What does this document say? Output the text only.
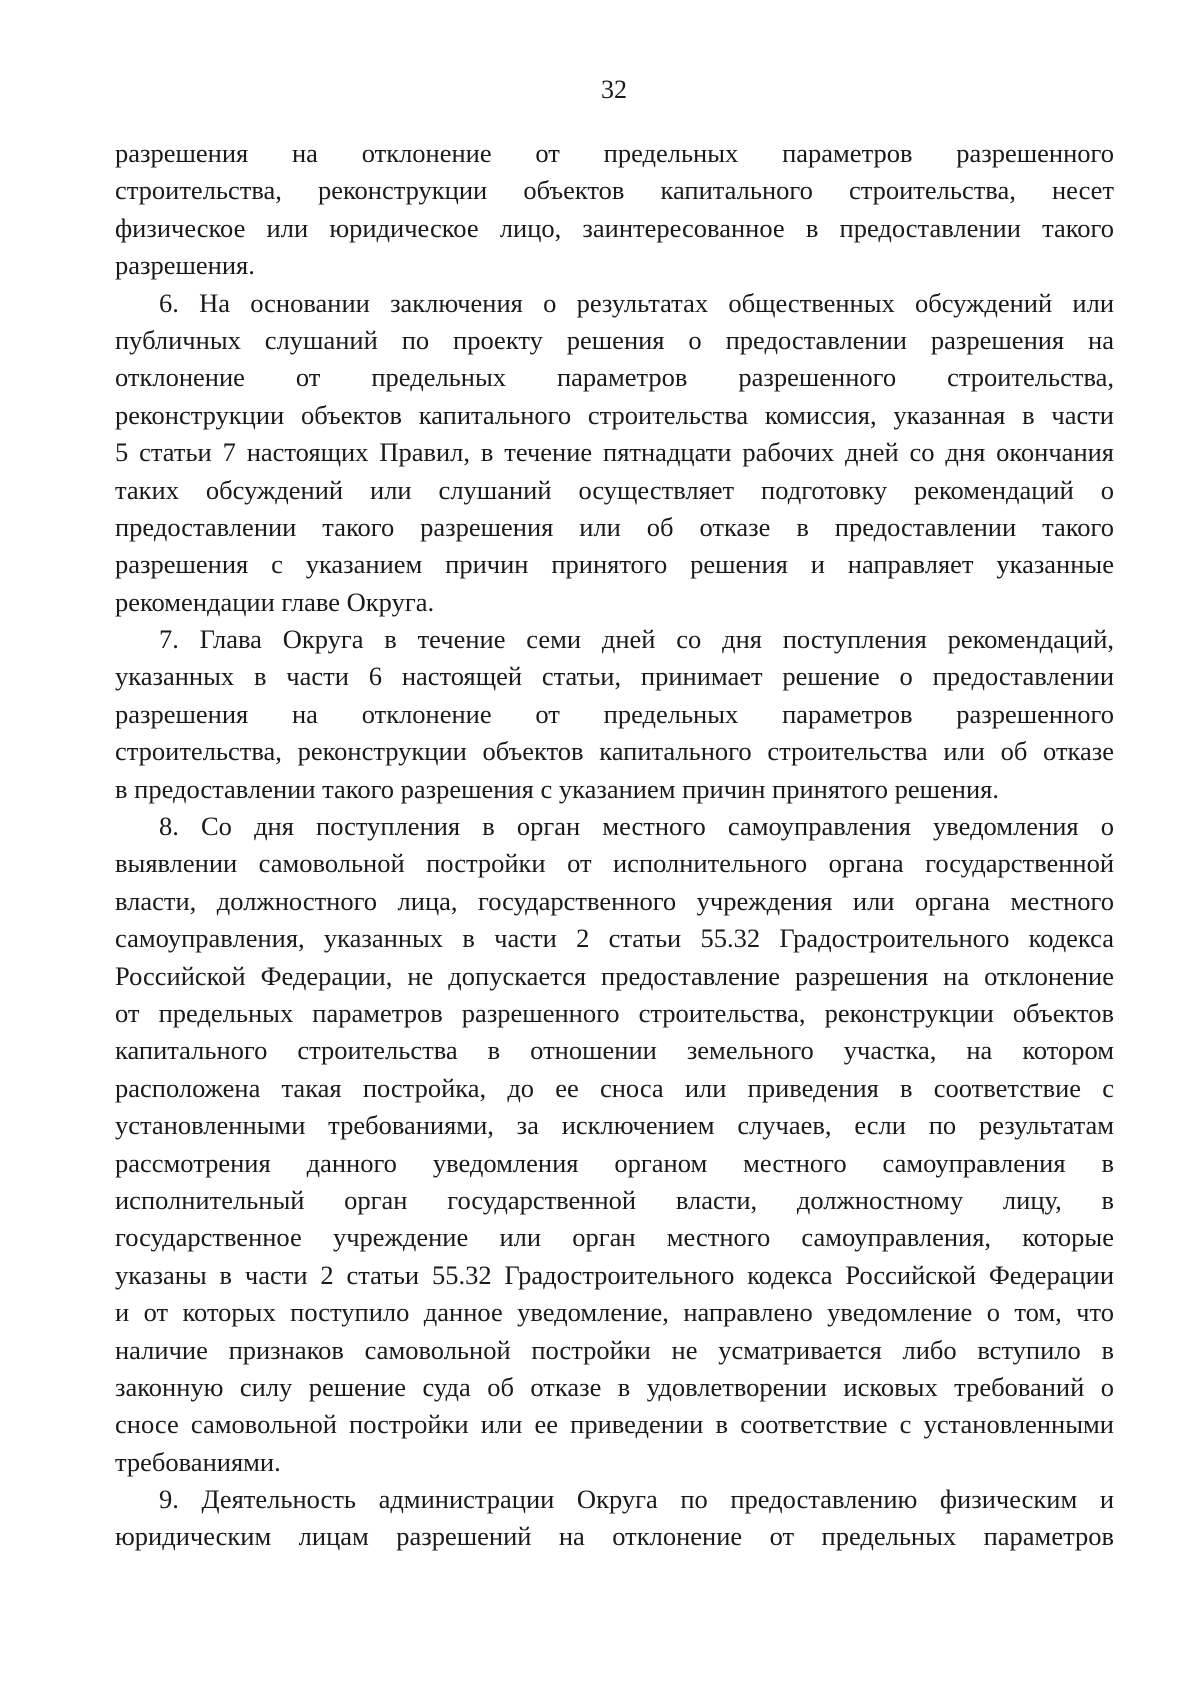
32
разрешения на отклонение от предельных параметров разрешенного
строительства, реконструкции объектов капитального строительства, несет
физическое или юридическое лицо, заинтересованное в предоставлении такого
разрешения.
6. На основании заключения о результатах общественных обсуждений или
публичных слушаний по проекту решения о предоставлении разрешения на
отклонение от предельных параметров разрешенного строительства,
реконструкции объектов капитального строительства комиссия, указанная в части
5 статьи 7 настоящих Правил, в течение пятнадцати рабочих дней со дня окончания
таких обсуждений или слушаний осуществляет подготовку рекомендаций о
предоставлении такого разрешения или об отказе в предоставлении такого
разрешения с указанием причин принятого решения и направляет указанные
рекомендации главе Округа.
7. Глава Округа в течение семи дней со дня поступления рекомендаций,
указанных в части 6 настоящей статьи, принимает решение о предоставлении
разрешения на отклонение от предельных параметров разрешенного
строительства, реконструкции объектов капитального строительства или об отказе
в предоставлении такого разрешения с указанием причин принятого решения.
8. Со дня поступления в орган местного самоуправления уведомления о
выявлении самовольной постройки от исполнительного органа государственной
власти, должностного лица, государственного учреждения или органа местного
самоуправления, указанных в части 2 статьи 55.32 Градостроительного кодекса
Российской Федерации, не допускается предоставление разрешения на отклонение
от предельных параметров разрешенного строительства, реконструкции объектов
капитального строительства в отношении земельного участка, на котором
расположена такая постройка, до ее сноса или приведения в соответствие с
установленными требованиями, за исключением случаев, если по результатам
рассмотрения данного уведомления органом местного самоуправления в
исполнительный орган государственной власти, должностному лицу, в
государственное учреждение или орган местного самоуправления, которые
указаны в части 2 статьи 55.32 Градостроительного кодекса Российской Федерации
и от которых поступило данное уведомление, направлено уведомление о том, что
наличие признаков самовольной постройки не усматривается либо вступило в
законную силу решение суда об отказе в удовлетворении исковых требований о
сносе самовольной постройки или ее приведении в соответствие с установленными
требованиями.
9. Деятельность администрации Округа по предоставлению физическим и
юридическим лицам разрешений на отклонение от предельных параметров
